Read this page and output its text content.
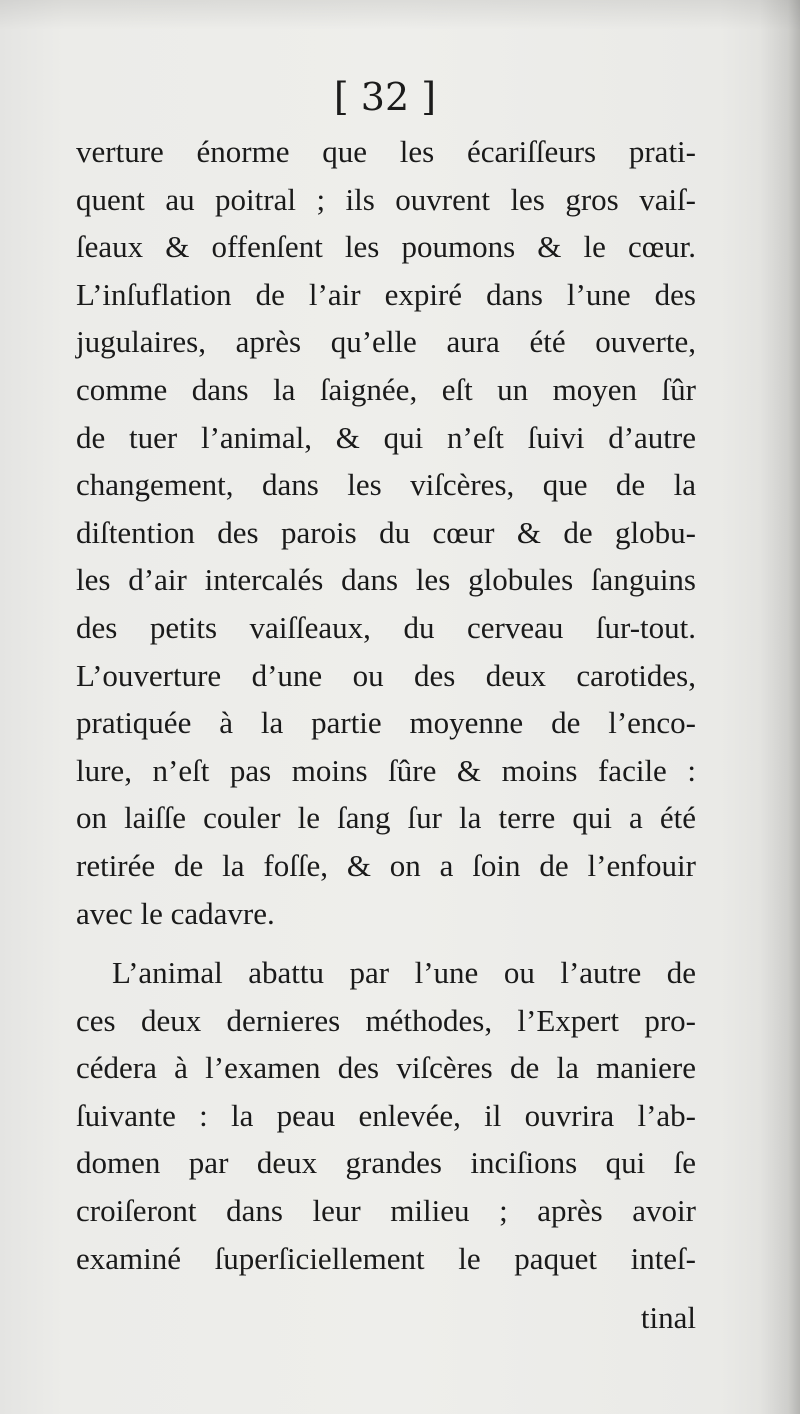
[ 32 ]
verture énorme que les écariſſeurs prati-
quent au poitral ; ils ouvrent les gros vaiſ-
ſeaux & offenſent les poumons & le cœur.
L’inſuflation de l’air expiré dans l’une des
jugulaires, après qu’elle aura été ouverte,
comme dans la ſaignée, eſt un moyen ſûr
de tuer l’animal, & qui n’eſt ſuivi d’autre
changement, dans les viſcères, que de la
diſtention des parois du cœur & de globu-
les d’air intercalés dans les globules ſanguins
des petits vaiſſeaux, du cerveau ſur-tout.
L’ouverture d’une ou des deux carotides,
pratiquée à la partie moyenne de l’enco-
lure, n’eſt pas moins ſûre & moins facile :
on laiſſe couler le ſang ſur la terre qui a été
retirée de la foſſe, & on a ſoin de l’enfouir
avec le cadavre.
L’animal abattu par l’une ou l’autre de
ces deux dernieres méthodes, l’Expert pro-
cédera à l’examen des viſcères de la maniere
ſuivante : la peau enlevée, il ouvrira l’ab-
domen par deux grandes inciſions qui ſe
croiſeront dans leur milieu ; après avoir
examiné ſuperſiciellement le paquet inteſ-
tinal
